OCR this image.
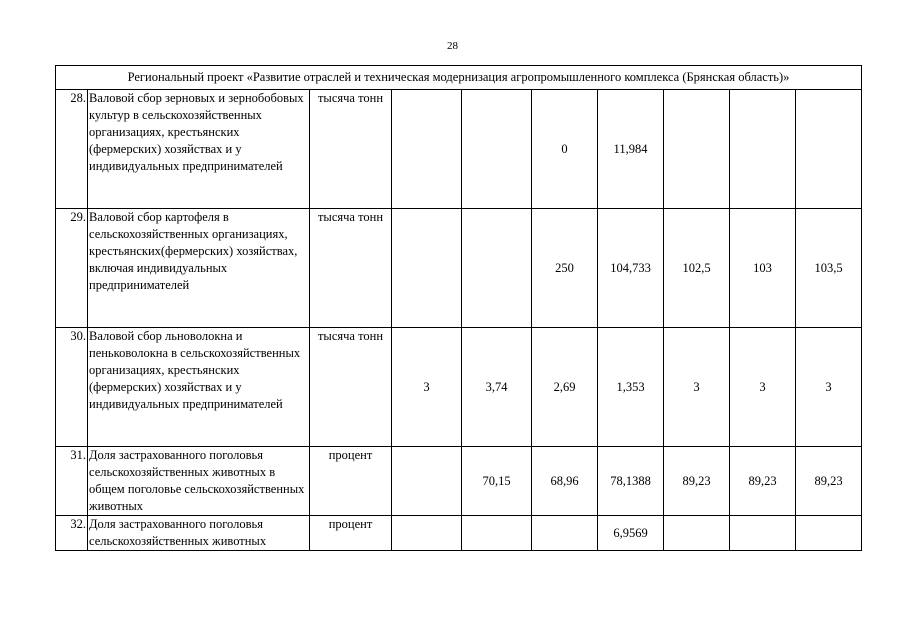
28
Региональный проект «Развитие отраслей и техническая модернизация агропромышленного комплекса (Брянская область)»									
28.	Валовой сбор зерновых и зернобобовых культур в сельскохозяйственных организациях, крестьянских (фермерских) хозяйствах и у индивидуальных предпринимателей	тысяча тонн			0	11,984			
29.	Валовой сбор картофеля в сельскохозяйственных организациях, крестьянских(фермерских) хозяйствах, включая индивидуальных предпринимателей	тысяча тонн			250	104,733	102,5	103	103,5
30.	Валовой сбор льноволокна и пеньковолокна в сельскохозяйственных организациях, крестьянских (фермерских) хозяйствах и у индивидуальных предпринимателей	тысяча тонн	3	3,74	2,69	1,353	3	3	3
31.	Доля застрахованного поголовья сельскохозяйственных животных в общем поголовье сельскохозяйственных животных	процент		70,15	68,96	78,1388	89,23	89,23	89,23
32.	Доля застрахованного поголовья сельскохозяйственных животных	процент				6,9569			
